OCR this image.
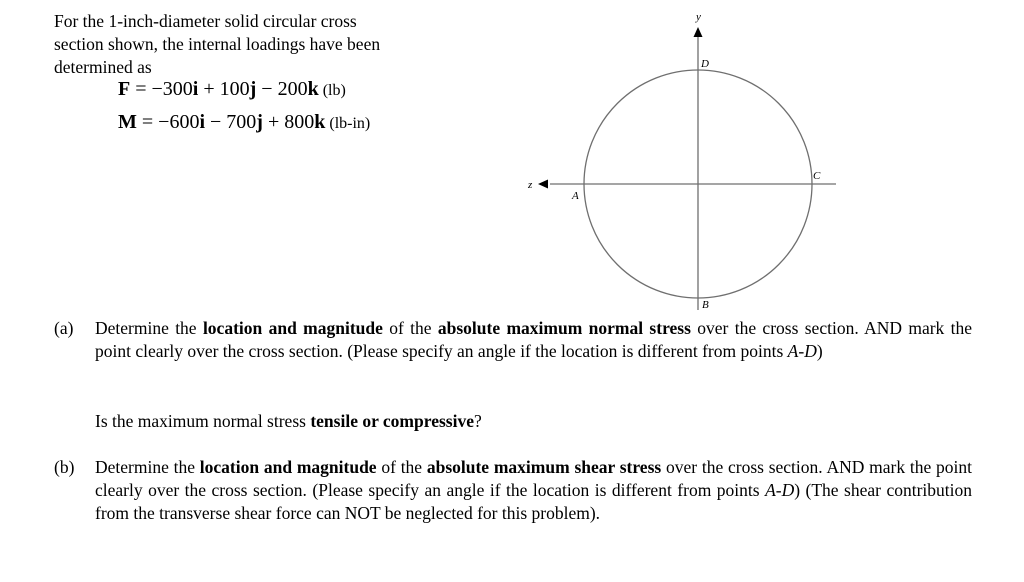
For the 1-inch-diameter solid circular cross
section shown, the internal loadings have been
determined as
F = −300i + 100j − 200k (lb)
M = −600i − 700j + 800k (lb-in)
y
z
D
C
A
B
(a) Determine the location and magnitude of the absolute maximum normal stress over the cross section. AND mark the point clearly over the cross section. (Please specify an angle if the location is different from points A-D)
Is the maximum normal stress tensile or compressive?
(b) Determine the location and magnitude of the absolute maximum shear stress over the cross section. AND mark the point clearly over the cross section. (Please specify an angle if the location is different from points A-D) (The shear contribution from the transverse shear force can NOT be neglected for this problem).
